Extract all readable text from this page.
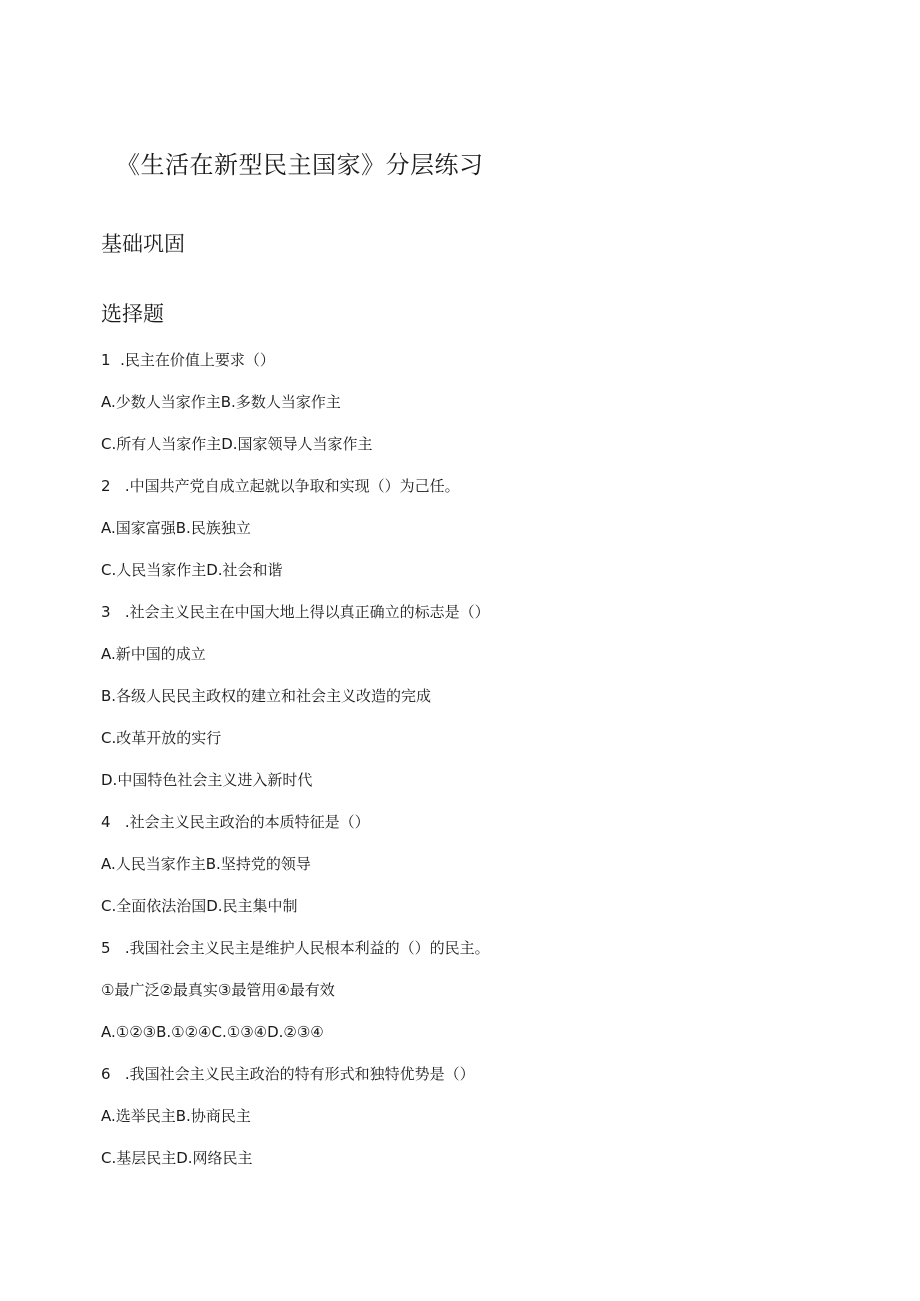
《生活在新型民主国家》分层练习
基础巩固
选择题
1  .民主在价值上要求（）
A.少数人当家作主B.多数人当家作主
C.所有人当家作主D.国家领导人当家作主
2   .中国共产党自成立起就以争取和实现（）为己任。
A.国家富强B.民族独立
C.人民当家作主D.社会和谐
3   .社会主义民主在中国大地上得以真正确立的标志是（）
A.新中国的成立
B.各级人民民主政权的建立和社会主义改造的完成
C.改革开放的实行
D.中国特色社会主义进入新时代
4   .社会主义民主政治的本质特征是（）
A.人民当家作主B.坚持党的领导
C.全面依法治国D.民主集中制
5   .我国社会主义民主是维护人民根本利益的（）的民主。
①最广泛②最真实③最管用④最有效
A.①②③B.①②④C.①③④D.②③④
6   .我国社会主义民主政治的特有形式和独特优势是（）
A.选举民主B.协商民主
C.基层民主D.网络民主
